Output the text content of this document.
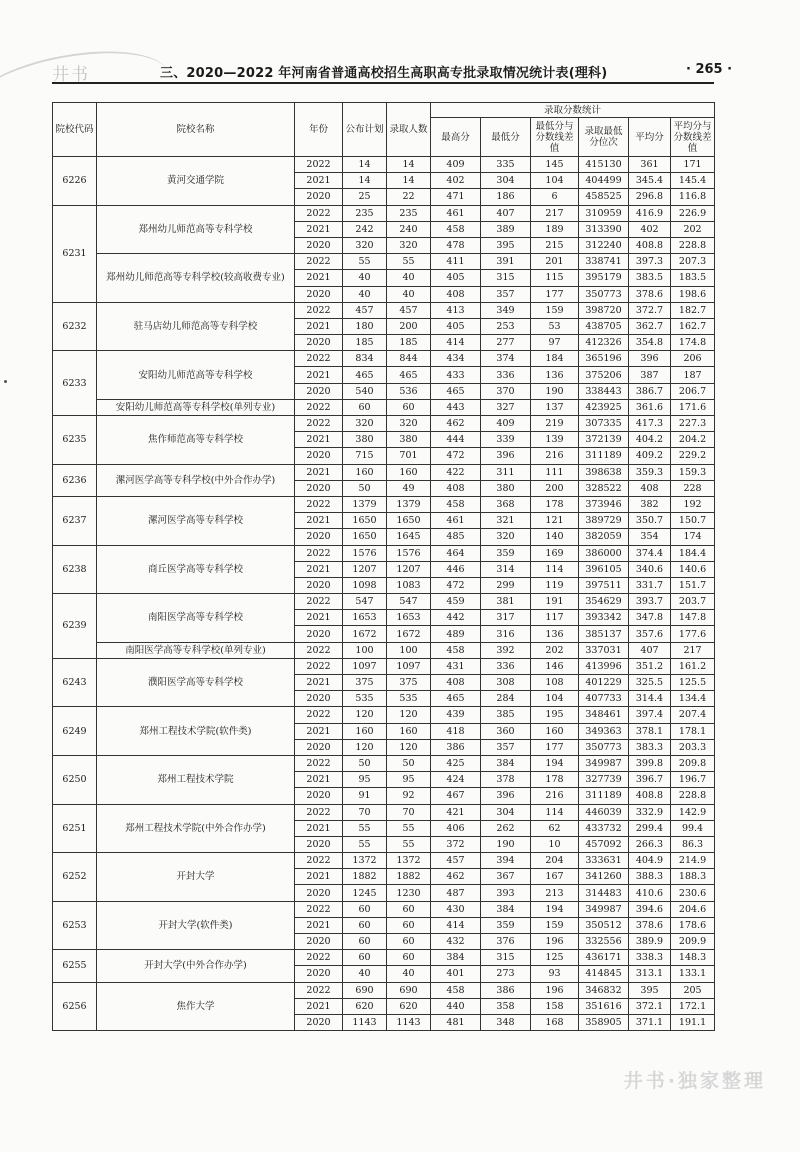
井书	三、2020—2022 年河南省普通高校招生高职高专批录取情况统计表(理科)	· 265 ·
院校代码	院校名称	年份	公布计划	录取人数	录取分数统计					
					最高分	最低分	最低分与分数线差值	录取最低分位次	平均分	平均分与分数线差值
6226	黄河交通学院	2022	14	14	409	335	145	415130	361	171
		2021	14	14	402	304	104	404499	345.4	145.4
		2020	25	22	471	186	6	458525	296.8	116.8
6231	郑州幼儿师范高等专科学校	2022	235	235	461	407	217	310959	416.9	226.9
		2021	242	240	458	389	189	313390	402	202
		2020	320	320	478	395	215	312240	408.8	228.8
	郑州幼儿师范高等专科学校(较高收费专业)	2022	55	55	411	391	201	338741	397.3	207.3
		2021	40	40	405	315	115	395179	383.5	183.5
		2020	40	40	408	357	177	350773	378.6	198.6
6232	驻马店幼儿师范高等专科学校	2022	457	457	413	349	159	398720	372.7	182.7
		2021	180	200	405	253	53	438705	362.7	162.7
		2020	185	185	414	277	97	412326	354.8	174.8
6233	安阳幼儿师范高等专科学校	2022	834	844	434	374	184	365196	396	206
		2021	465	465	433	336	136	375206	387	187
		2020	540	536	465	370	190	338443	386.7	206.7
	安阳幼儿师范高等专科学校(单列专业)	2022	60	60	443	327	137	423925	361.6	171.6
6235	焦作师范高等专科学校	2022	320	320	462	409	219	307335	417.3	227.3
		2021	380	380	444	339	139	372139	404.2	204.2
		2020	715	701	472	396	216	311189	409.2	229.2
6236	漯河医学高等专科学校(中外合作办学)	2021	160	160	422	311	111	398638	359.3	159.3
		2020	50	49	408	380	200	328522	408	228
6237	漯河医学高等专科学校	2022	1379	1379	458	368	178	373946	382	192
		2021	1650	1650	461	321	121	389729	350.7	150.7
		2020	1650	1645	485	320	140	382059	354	174
6238	商丘医学高等专科学校	2022	1576	1576	464	359	169	386000	374.4	184.4
		2021	1207	1207	446	314	114	396105	340.6	140.6
		2020	1098	1083	472	299	119	397511	331.7	151.7
6239	南阳医学高等专科学校	2022	547	547	459	381	191	354629	393.7	203.7
		2021	1653	1653	442	317	117	393342	347.8	147.8
		2020	1672	1672	489	316	136	385137	357.6	177.6
	南阳医学高等专科学校(单列专业)	2022	100	100	458	392	202	337031	407	217
6243	濮阳医学高等专科学校	2022	1097	1097	431	336	146	413996	351.2	161.2
		2021	375	375	408	308	108	401229	325.5	125.5
		2020	535	535	465	284	104	407733	314.4	134.4
6249	郑州工程技术学院(软件类)	2022	120	120	439	385	195	348461	397.4	207.4
		2021	160	160	418	360	160	349363	378.1	178.1
		2020	120	120	386	357	177	350773	383.3	203.3
6250	郑州工程技术学院	2022	50	50	425	384	194	349987	399.8	209.8
		2021	95	95	424	378	178	327739	396.7	196.7
		2020	91	92	467	396	216	311189	408.8	228.8
6251	郑州工程技术学院(中外合作办学)	2022	70	70	421	304	114	446039	332.9	142.9
		2021	55	55	406	262	62	433732	299.4	99.4
		2020	55	55	372	190	10	457092	266.3	86.3
6252	开封大学	2022	1372	1372	457	394	204	333631	404.9	214.9
		2021	1882	1882	462	367	167	341260	388.3	188.3
		2020	1245	1230	487	393	213	314483	410.6	230.6
6253	开封大学(软件类)	2022	60	60	430	384	194	349987	394.6	204.6
		2021	60	60	414	359	159	350512	378.6	178.6
		2020	60	60	432	376	196	332556	389.9	209.9
6255	开封大学(中外合作办学)	2022	60	60	384	315	125	436171	338.3	148.3
		2020	40	40	401	273	93	414845	313.1	133.1
6256	焦作大学	2022	690	690	458	386	196	346832	395	205
		2021	620	620	440	358	158	351616	372.1	172.1
		2020	1143	1143	481	348	168	358905	371.1	191.1
井书·独家整理
